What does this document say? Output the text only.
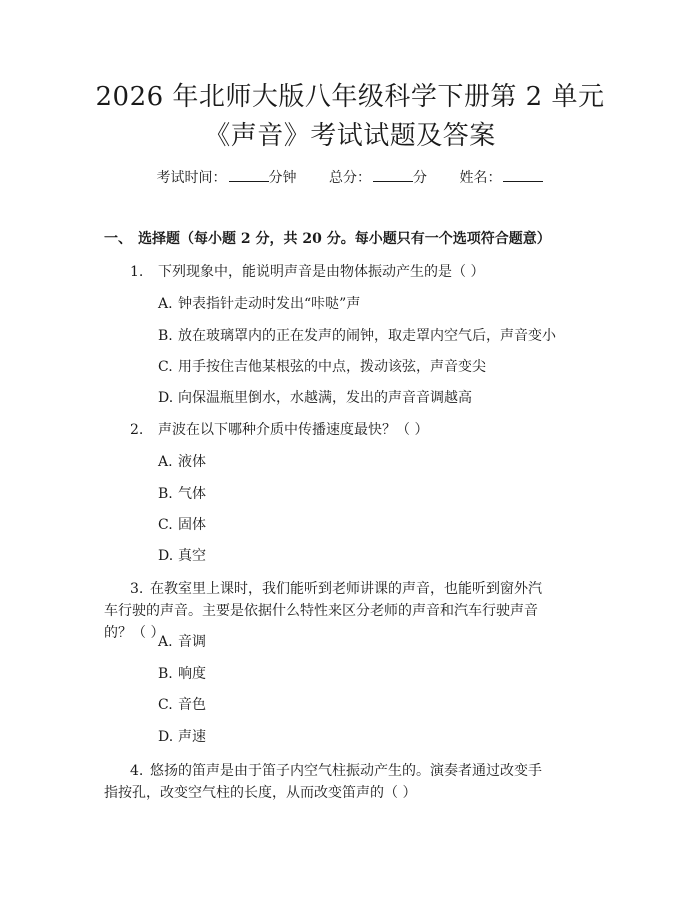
2026 年北师大版八年级科学下册第 2 单元
《声音》考试试题及答案
考试时间：	分钟 总分：	分 姓名：
一、 选择题（每小题 2 分，共 20 分。每小题只有一个选项符合题意）
1. 下列现象中，能说明声音是由物体振动产生的是（ ）
A. 钟表指针走动时发出“咔哒”声
B. 放在玻璃罩内的正在发声的闹钟，取走罩内空气后，声音变小
C. 用手按住吉他某根弦的中点，拨动该弦，声音变尖
D. 向保温瓶里倒水，水越满，发出的声音音调越高
2. 声波在以下哪种介质中传播速度最快？（ ）
A. 液体
B. 气体
C. 固体
D. 真空
3. 在教室里上课时，我们能听到老师讲课的声音，也能听到窗外汽车行驶的声音。主要是依据什么特性来区分老师的声音和汽车行驶声音的？（ ）
A. 音调
B. 响度
C. 音色
D. 声速
4. 悠扬的笛声是由于笛子内空气柱振动产生的。演奏者通过改变手指按孔，改变空气柱的长度，从而改变笛声的（ ）
